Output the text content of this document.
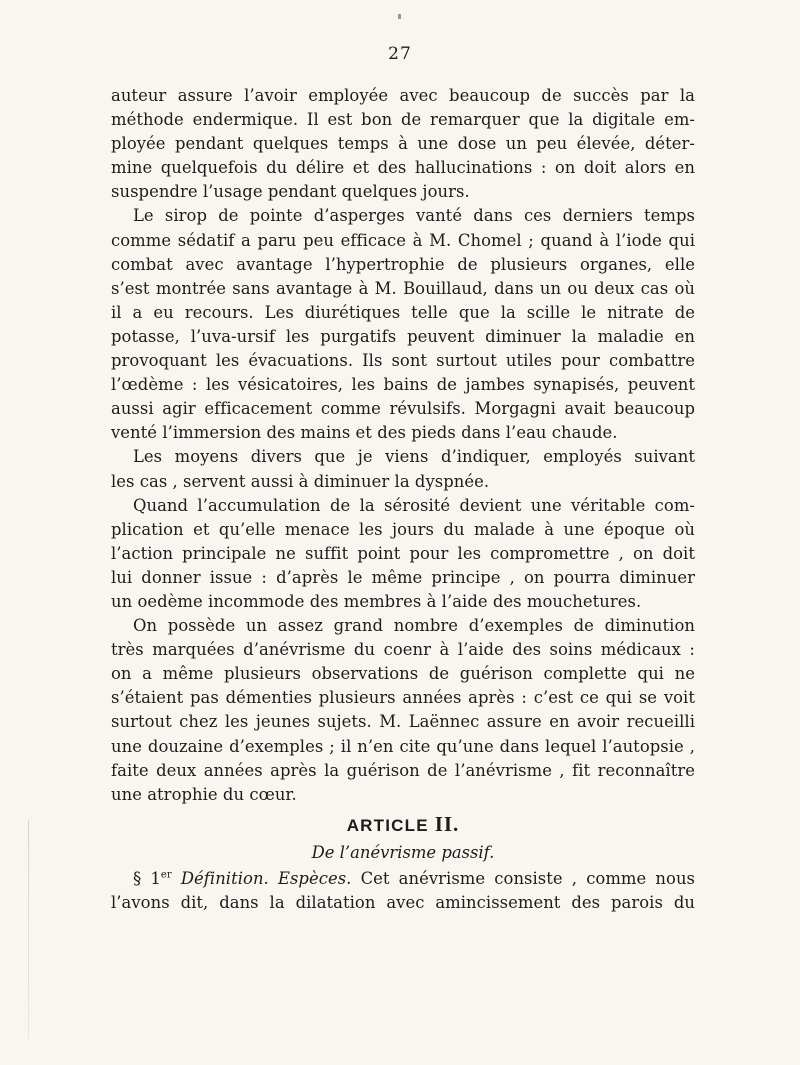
27
auteur assure l’avoir employée avec beaucoup de succès par la
méthode endermique. Il est bon de remarquer que la digitale em-
ployée pendant quelques temps à une dose un peu élevée, déter-
mine quelquefois du délire et des hallucinations : on doit alors en
suspendre l’usage pendant quelques jours.
Le sirop de pointe d’asperges vanté dans ces derniers temps
comme sédatif a paru peu efficace à M. Chomel ; quand à l’iode qui
combat avec avantage l’hypertrophie de plusieurs organes, elle
s’est montrée sans avantage à M. Bouillaud, dans un ou deux cas où
il a eu recours. Les diurétiques telle que la scille le nitrate de
potasse, l’uva-ursif les purgatifs peuvent diminuer la maladie en
provoquant les évacuations. Ils sont surtout utiles pour combattre
l’œdème : les vésicatoires, les bains de jambes synapisés, peuvent
aussi agir efficacement comme révulsifs. Morgagni avait beaucoup
venté l’immersion des mains et des pieds dans l’eau chaude.
Les moyens divers que je viens d’indiquer, employés suivant
les cas , servent aussi à diminuer la dyspnée.
Quand l’accumulation de la sérosité devient une véritable com-
plication et qu’elle menace les jours du malade à une époque où
l’action principale ne suffit point pour les compromettre , on doit
lui donner issue : d’après le même principe , on pourra diminuer
un oedème incommode des membres à l’aide des mouchetures.
On possède un assez grand nombre d’exemples de diminution
très marquées d’anévrisme du coenr à l’aide des soins médicaux :
on a même plusieurs observations de guérison complette qui ne
s’étaient pas démenties plusieurs années après : c’est ce qui se voit
surtout chez les jeunes sujets. M. Laënnec assure en avoir recueilli
une douzaine d’exemples ; il n’en cite qu’une dans lequel l’autopsie ,
faite deux années après la guérison de l’anévrisme , fit reconnaître
une atrophie du cœur.
ARTICLE II.
De l’anévrisme passif.
§ 1er Définition. Espèces. Cet anévrisme consiste , comme nous
l’avons dit, dans la dilatation avec amincissement des parois du
